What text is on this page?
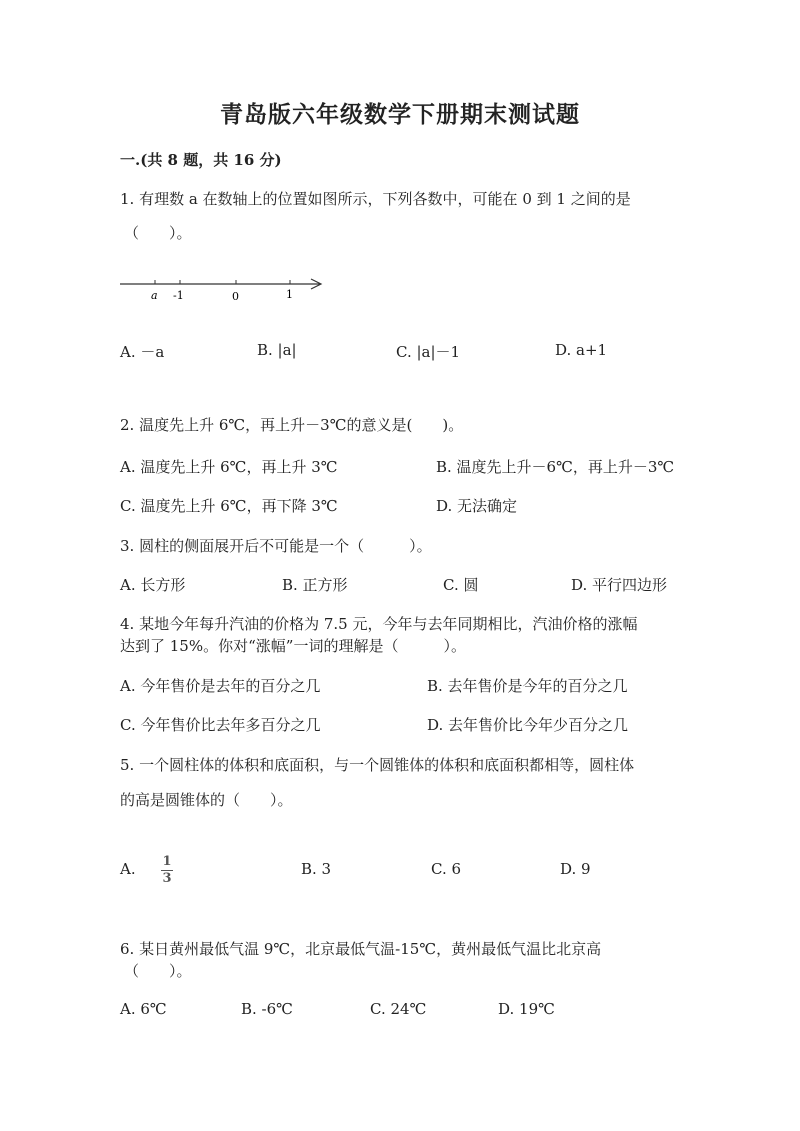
青岛版六年级数学下册期末测试题
一.(共 8 题，共 16 分)
1. 有理数 a 在数轴上的位置如图所示，下列各数中，可能在 0 到 1 之间的是
（　　）。
a -1	0	1
A. －a	B. |a|	C. |a|－1	D. a+1
2. 温度先上升 6℃，再上升－3℃的意义是(　　)。
A. 温度先上升 6℃，再上升 3℃	B. 温度先上升－6℃，再上升－3℃
C. 温度先上升 6℃，再下降 3℃	D. 无法确定
3. 圆柱的侧面展开后不可能是一个（　　　）。
A. 长方形	B. 正方形	C. 圆	D. 平行四边形
4. 某地今年每升汽油的价格为 7.5 元，今年与去年同期相比，汽油价格的涨幅
达到了 15%。你对“涨幅”一词的理解是（　　　）。
A. 今年售价是去年的百分之几	B. 去年售价是今年的百分之几
C. 今年售价比去年多百分之几	D. 去年售价比今年少百分之几
5. 一个圆柱体的体积和底面积，与一个圆锥体的体积和底面积都相等，圆柱体
的高是圆锥体的（　　）。
A. 1
3
B. 3	C. 6	D. 9
6. 某日黄州最低气温 9℃，北京最低气温-15℃，黄州最低气温比北京高
（　　）。
A. 6℃	B. -6℃	C. 24℃	D. 19℃
